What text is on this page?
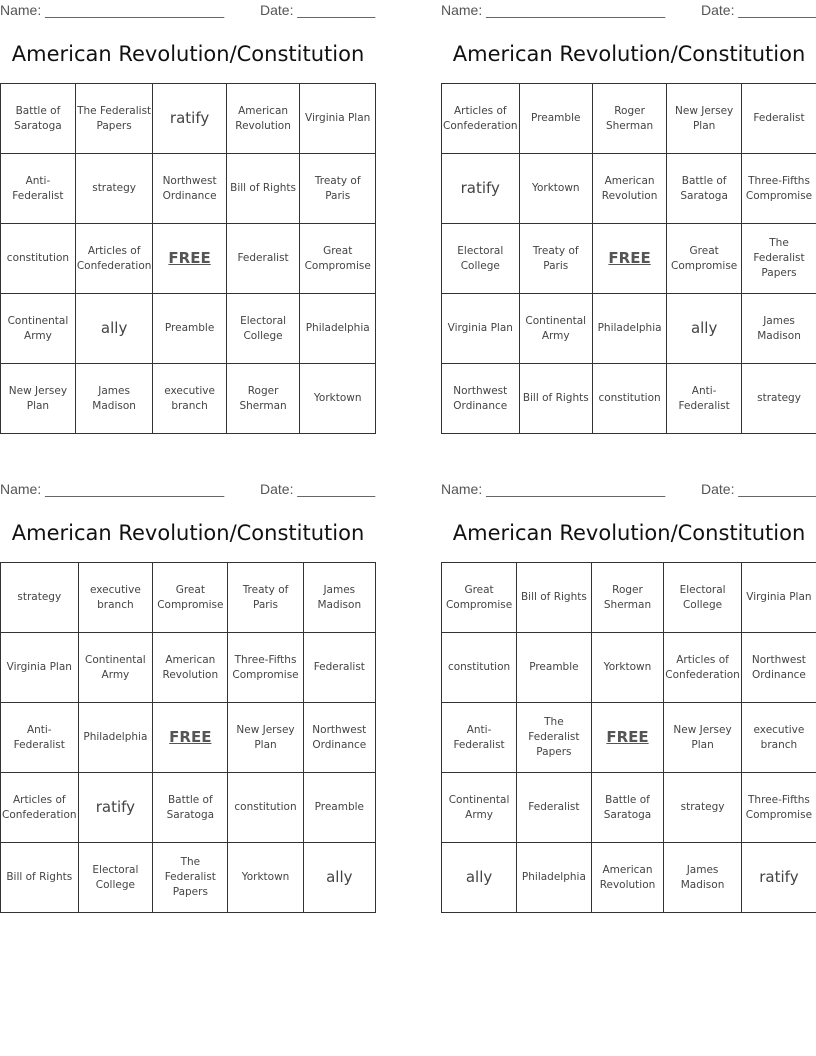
Name: _______________________	Date: __________
American Revolution/Constitution
Battle of Saratoga	The Federalist Papers	ratify	American Revolution	Virginia Plan
Anti-Federalist	strategy	Northwest Ordinance	Bill of Rights	Treaty of Paris
constitution	Articles of Confederation	FREE	Federalist	Great Compromise
Continental Army	ally	Preamble	Electoral College	Philadelphia
New Jersey Plan	James Madison	executive branch	Roger Sherman	Yorktown
Name: _______________________	Date: __________
American Revolution/Constitution
Articles of Confederation	Preamble	Roger Sherman	New Jersey Plan	Federalist
ratify	Yorktown	American Revolution	Battle of Saratoga	Three-Fifths Compromise
Electoral College	Treaty of Paris	FREE	Great Compromise	The Federalist Papers
Virginia Plan	Continental Army	Philadelphia	ally	James Madison
Northwest Ordinance	Bill of Rights	constitution	Anti-Federalist	strategy
Name: _______________________	Date: __________
American Revolution/Constitution
strategy	executive branch	Great Compromise	Treaty of Paris	James Madison
Virginia Plan	Continental Army	American Revolution	Three-Fifths Compromise	Federalist
Anti-Federalist	Philadelphia	FREE	New Jersey Plan	Northwest Ordinance
Articles of Confederation	ratify	Battle of Saratoga	constitution	Preamble
Bill of Rights	Electoral College	The Federalist Papers	Yorktown	ally
Name: _______________________	Date: __________
American Revolution/Constitution
Great Compromise	Bill of Rights	Roger Sherman	Electoral College	Virginia Plan
constitution	Preamble	Yorktown	Articles of Confederation	Northwest Ordinance
Anti-Federalist	The Federalist Papers	FREE	New Jersey Plan	executive branch
Continental Army	Federalist	Battle of Saratoga	strategy	Three-Fifths Compromise
ally	Philadelphia	American Revolution	James Madison	ratify
